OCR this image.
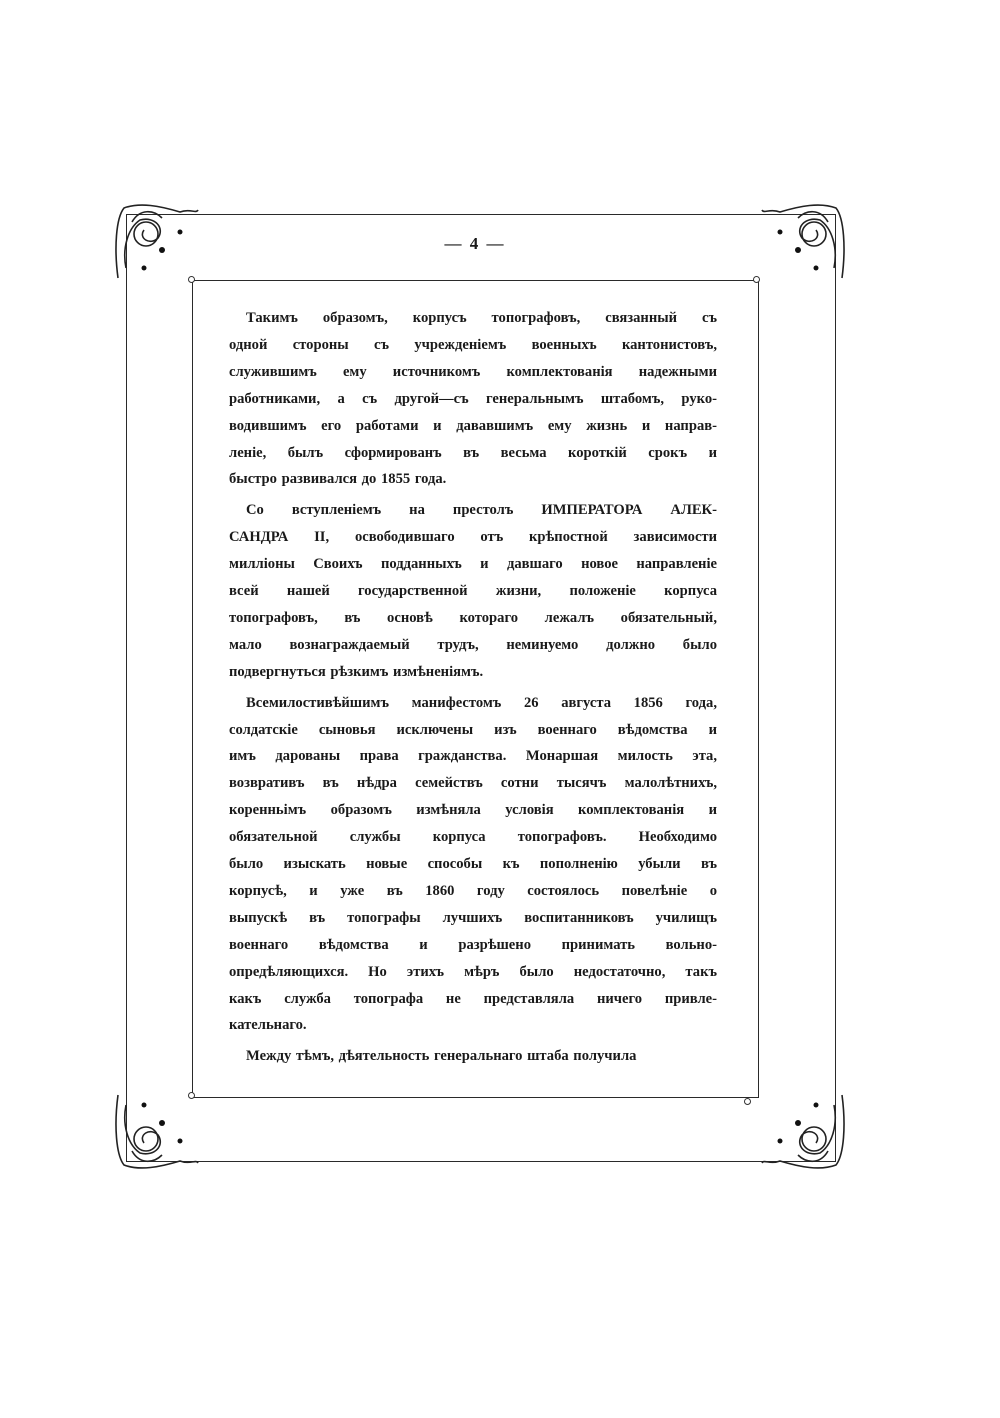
— 4 —
Такимъ образомъ, корпусъ топографовъ, связанный съ
одной стороны съ учрежденіемъ военныхъ кантонистовъ,
служившимъ ему источникомъ комплектованія надежными
работниками, а съ другой—съ генеральнымъ штабомъ, руко-
водившимъ его работами и дававшимъ ему жизнь и направ-
леніе, былъ сформированъ въ весьма короткій срокъ и
быстро развивался до 1855 года.
Со вступленіемъ на престолъ ИМПЕРАТОРА АЛЕК-
САНДРА II, освободившаго отъ крѣпостной зависимости
милліоны Своихъ подданныхъ и давшаго новое направленіе
всей нашей государственной жизни, положеніе корпуса
топографовъ, въ основѣ котораго лежалъ обязательный,
мало вознаграждаемый трудъ, неминуемо должно было
подвергнуться рѣзкимъ измѣненіямъ.
Всемилостивѣйшимъ манифестомъ 26 августа 1856 года,
солдатскіе сыновья исключены изъ военнаго вѣдомства и
имъ дарованы права гражданства. Монаршая милость эта,
возвративъ въ нѣдра семействъ сотни тысячъ малолѣтнихъ,
коренньімъ образомъ измѣняла условія комплектованія и
обязательной службы корпуса топографовъ. Необходимо
было изыскать новые способы къ пополненію убыли въ
корпусѣ, и уже въ 1860 году состоялось повелѣніе о
выпускѣ въ топографы лучшихъ воспитанниковъ училищъ
военнаго вѣдомства и разрѣшено принимать вольно-
опредѣляющихся. Но этихъ мѣръ было недостаточно, такъ
какъ служба топографа не представляла ничего привле-
кательнаго.
Между тѣмъ, дѣятельность генеральнаго штаба получила
